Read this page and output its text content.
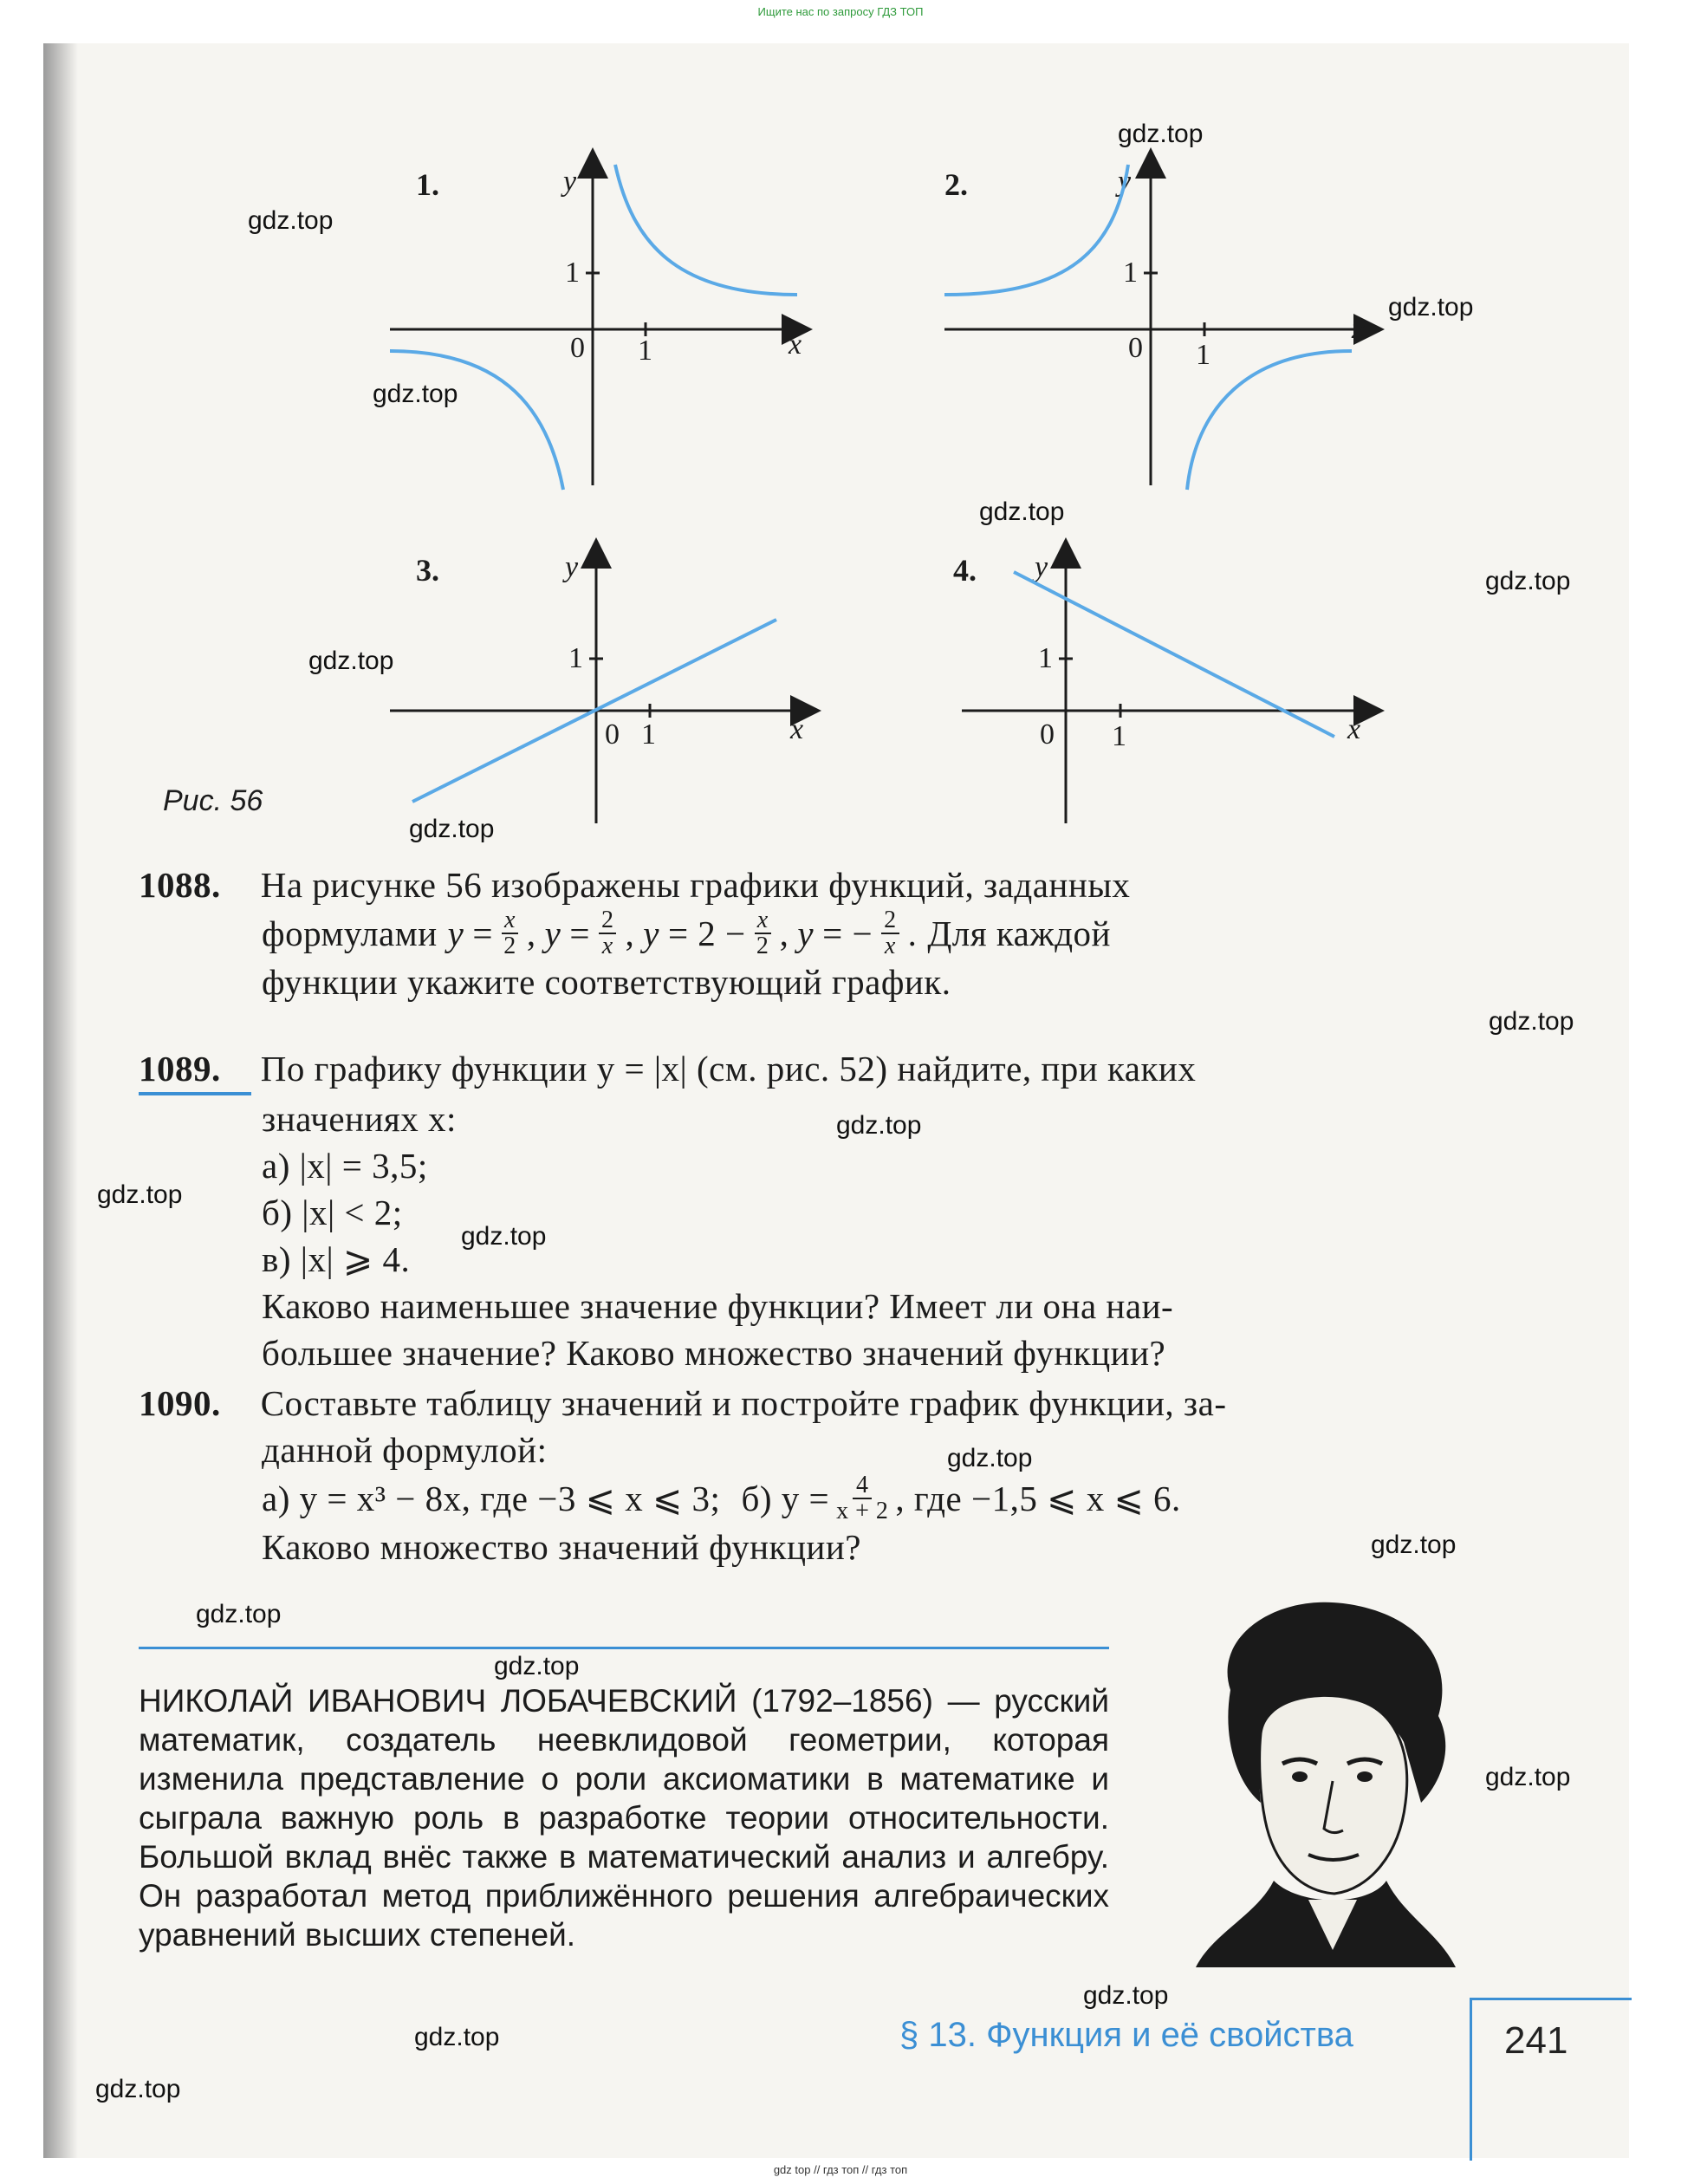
Ищите нас по запросу ГДЗ ТОП
gdz.top
gdz.top
gdz.top
gdz.top
gdz.top
gdz.top
gdz.top
gdz.top
gdz.top
gdz.top
gdz.top
gdz.top
gdz.top
gdz.top
gdz.top
gdz.top
gdz.top
gdz.top
gdz.top
gdz.top
1.	y
x
1
1
0
2.	y
x
1
1
0
3.	y
x
1
1
0
4. y
x
1
1
0
Рис. 56
1088. На рисунке 56 изображены графики функций, заданных
формулами y = x
2 , y = 2
x , y = 2 − x
2 , y = − 2
x . Для каждой
функции укажите соответствующий график.
1089. По графику функции y = |x| (см. рис. 52) найдите, при каких
значениях x:
а) |x| = 3,5;
б) |x| < 2;
в) |x| ⩾ 4.
Каково наименьшее значение функции? Имеет ли она наи-
большее значение? Каково множество значений функции?
1090. Составьте таблицу значений и постройте график функции, за-
данной формулой:
а) y = x³ − 8x, где −3 ⩽ x ⩽ 3; б) $y = \frac{4}{x + 2}$ , где −1,5 ⩽ x ⩽ 6.
Каково множество значений функции?
НИКОЛАЙ ИВАНОВИЧ ЛОБАЧЕВСКИЙ (1792–1856) — русский математик, создатель неевклидовой геометрии, которая изменила представление о роли аксиоматики в математике и сыграла важную роль в разработке теории относительности. Большой вклад внёс также в математический анализ и алгебру. Он разработал метод приближённого решения алгебраических уравнений высших степеней.
§ 13. Функция и её свойства	241
gdz top // гдз топ // гдз топ
